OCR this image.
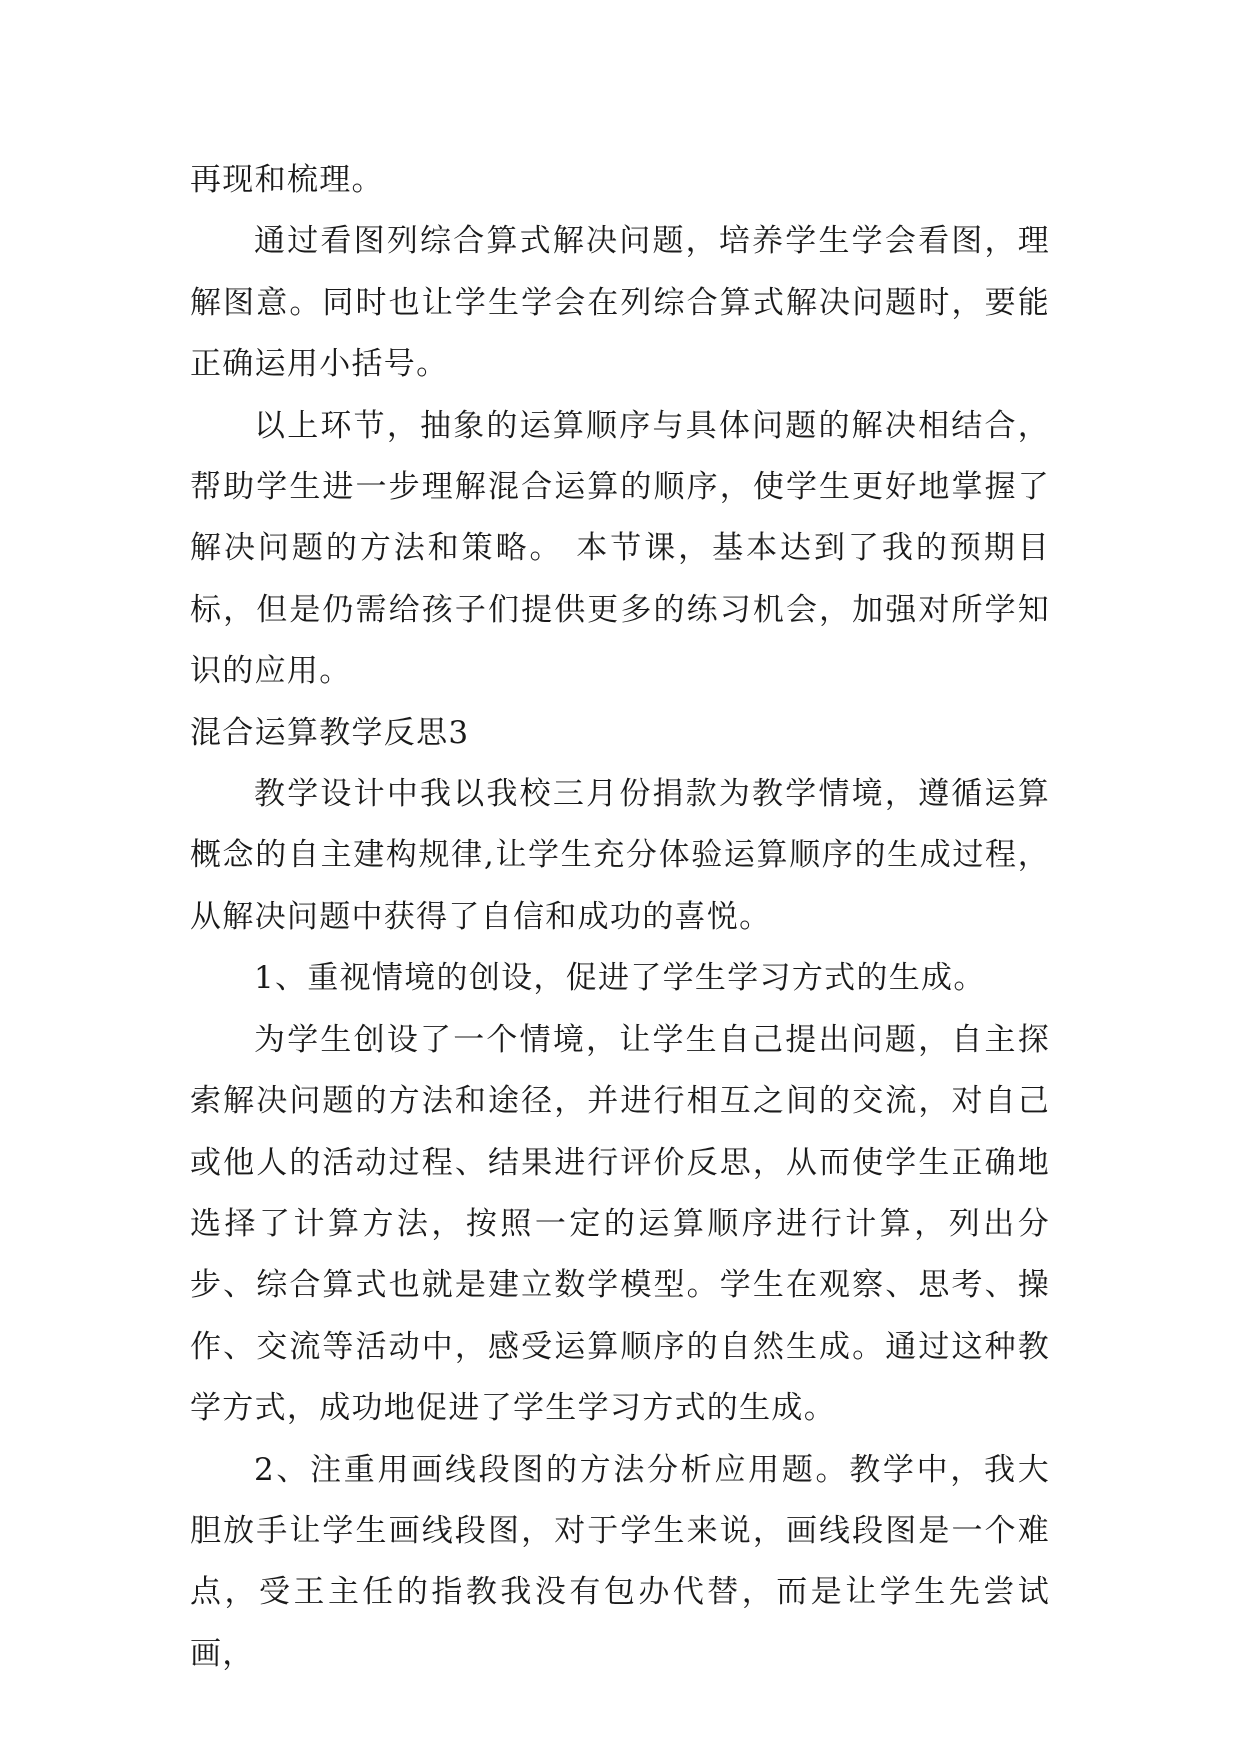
再现和梳理。

通过看图列综合算式解决问题，培养学生学会看图，理解图意。同时也让学生学会在列综合算式解决问题时，要能正确运用小括号。

以上环节，抽象的运算顺序与具体问题的解决相结合，帮助学生进一步理解混合运算的顺序，使学生更好地掌握了解决问题的方法和策略。 本节课，基本达到了我的预期目标，但是仍需给孩子们提供更多的练习机会，加强对所学知识的应用。

混合运算教学反思3

教学设计中我以我校三月份捐款为教学情境，遵循运算概念的自主建构规律,让学生充分体验运算顺序的生成过程，从解决问题中获得了自信和成功的喜悦。

1、重视情境的创设，促进了学生学习方式的生成。

为学生创设了一个情境，让学生自己提出问题，自主探索解决问题的方法和途径，并进行相互之间的交流，对自己或他人的活动过程、结果进行评价反思，从而使学生正确地选择了计算方法，按照一定的运算顺序进行计算，列出分步、综合算式也就是建立数学模型。学生在观察、思考、操作、交流等活动中，感受运算顺序的自然生成。通过这种教学方式，成功地促进了学生学习方式的生成。

2、注重用画线段图的方法分析应用题。教学中，我大胆放手让学生画线段图，对于学生来说，画线段图是一个难点，受王主任的指教我没有包办代替，而是让学生先尝试画，
